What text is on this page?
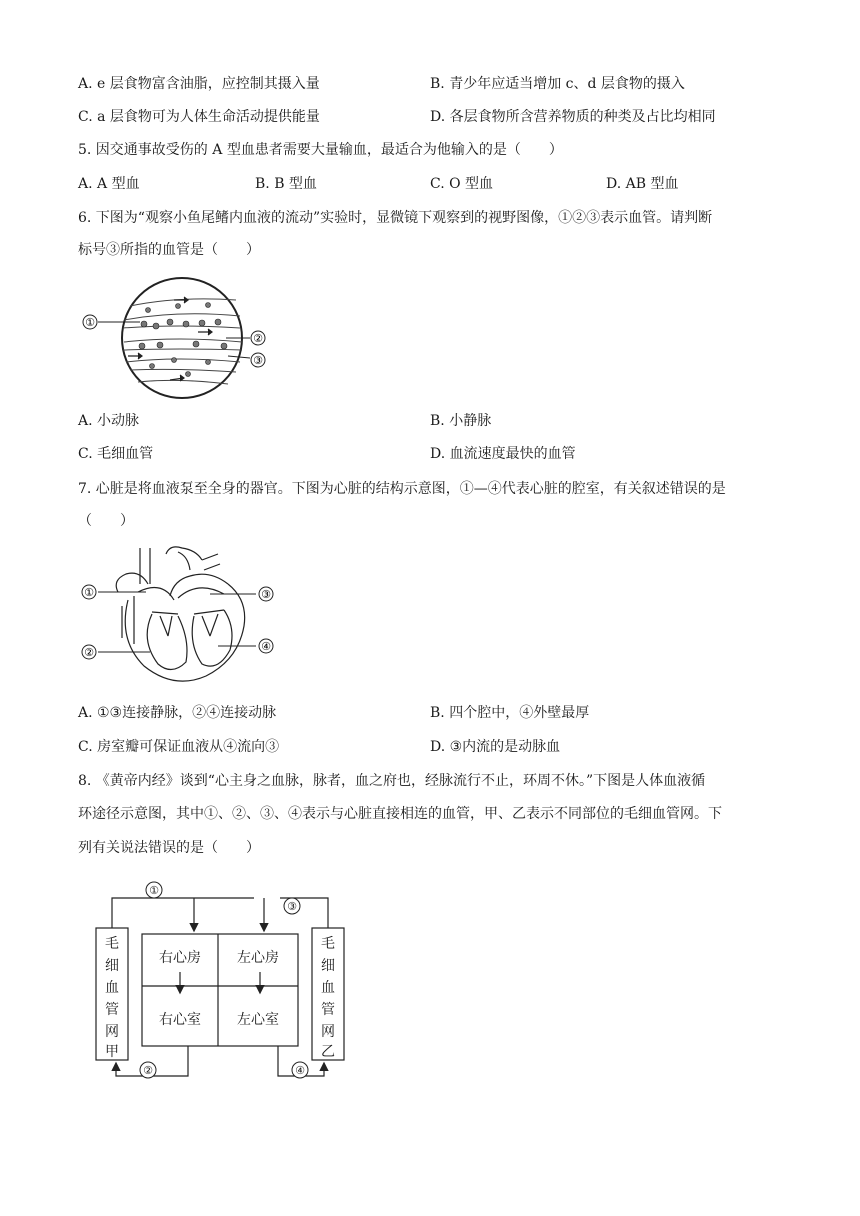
A. e 层食物富含油脂，应控制其摄入量	B. 青少年应适当增加 c、d 层食物的摄入
C. a 层食物可为人体生命活动提供能量	D. 各层食物所含营养物质的种类及占比均相同
5. 因交通事故受伤的 A 型血患者需要大量输血，最适合为他输入的是（　　）
A. A 型血	B. B 型血	C. O 型血	D. AB 型血
6. 下图为“观察小鱼尾鳍内血液的流动”实验时，显微镜下观察到的视野图像，①②③表示血管。请判断
标号③所指的血管是（　　）
①
②
③
A. 小动脉	B. 小静脉
C. 毛细血管	D. 血流速度最快的血管
7. 心脏是将血液泵至全身的器官。下图为心脏的结构示意图，①—④代表心脏的腔室，有关叙述错误的是
（　　）
①
②
③
④
A. ①③连接静脉，②④连接动脉	B. 四个腔中，④外壁最厚
C. 房室瓣可保证血液从④流向③	D. ③内流的是动脉血
8. 《黄帝内经》谈到“心主身之血脉，脉者，血之府也，经脉流行不止，环周不休。”下图是人体血液循
环途径示意图，其中①、②、③、④表示与心脏直接相连的血管，甲、乙表示不同部位的毛细血管网。下
列有关说法错误的是（　　）
毛
细
血
管
网
甲
毛
细
血
管
网
乙
右心房	左心房
右心室	左心室
①
②
③
④
